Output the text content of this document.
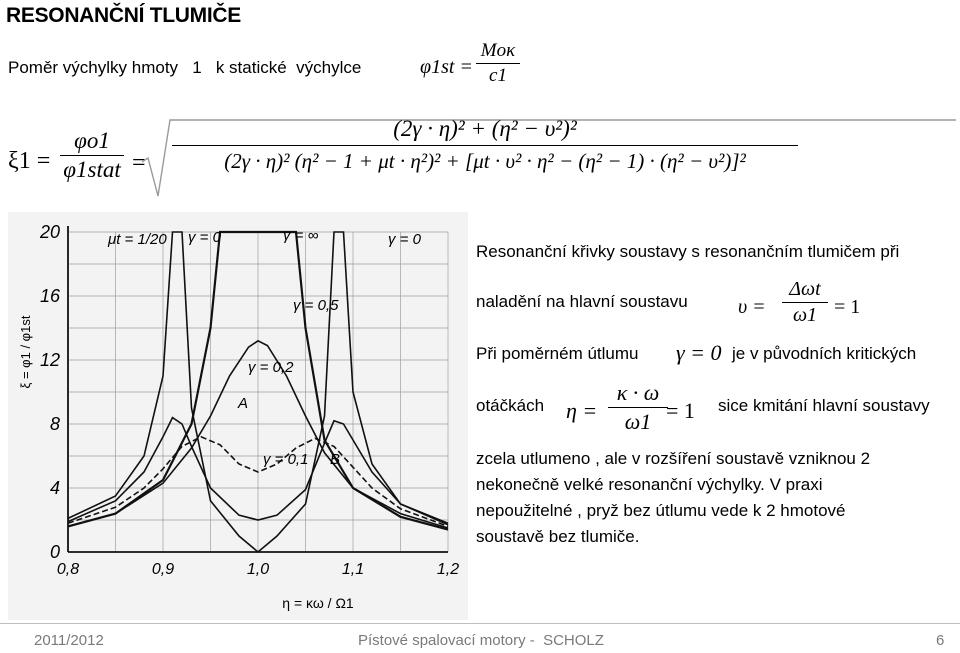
RESONANČNÍ TLUMIČE
Poměr výchylky hmoty   1   k statické  výchylce	φ1st =
Mοκ
c1
ξ1 =
φo1
φ1stat =
(2γ · η)² + (η² − υ²)²
(2γ · η)² (η² − 1 + μt · η²)² + [μt · υ² · η² − (η² − 1) · (η² − υ²)]²
0
4
8
12
16
20
0,8	0,9	1,0	1,1	1,2
μt = 1/20 γ = 0	γ = ∞	γ = 0
γ = 0,5
γ = 0,2
γ = 0,1
A
B
ξ = φ1 / φ1st
η = κω / Ω1
Resonanční křivky soustavy s resonančním tlumičem při
naladění na hlavní soustavu	υ =
Δωt
ω1 = 1
Při poměrném útlumu γ = 0 je v původních kritických
otáčkách η =
κ · ω
ω1 = 1 sice kmitání hlavní soustavy
zcela utlumeno , ale v rozšíření soustavě vzniknou 2
nekonečně velké resonanční výchylky. V praxi
nepoužitelné , pryž bez útlumu vede k 2 hmotové
soustavě bez tlumiče.
2011/2012	Pístové spalovací motory -  SCHOLZ	6
